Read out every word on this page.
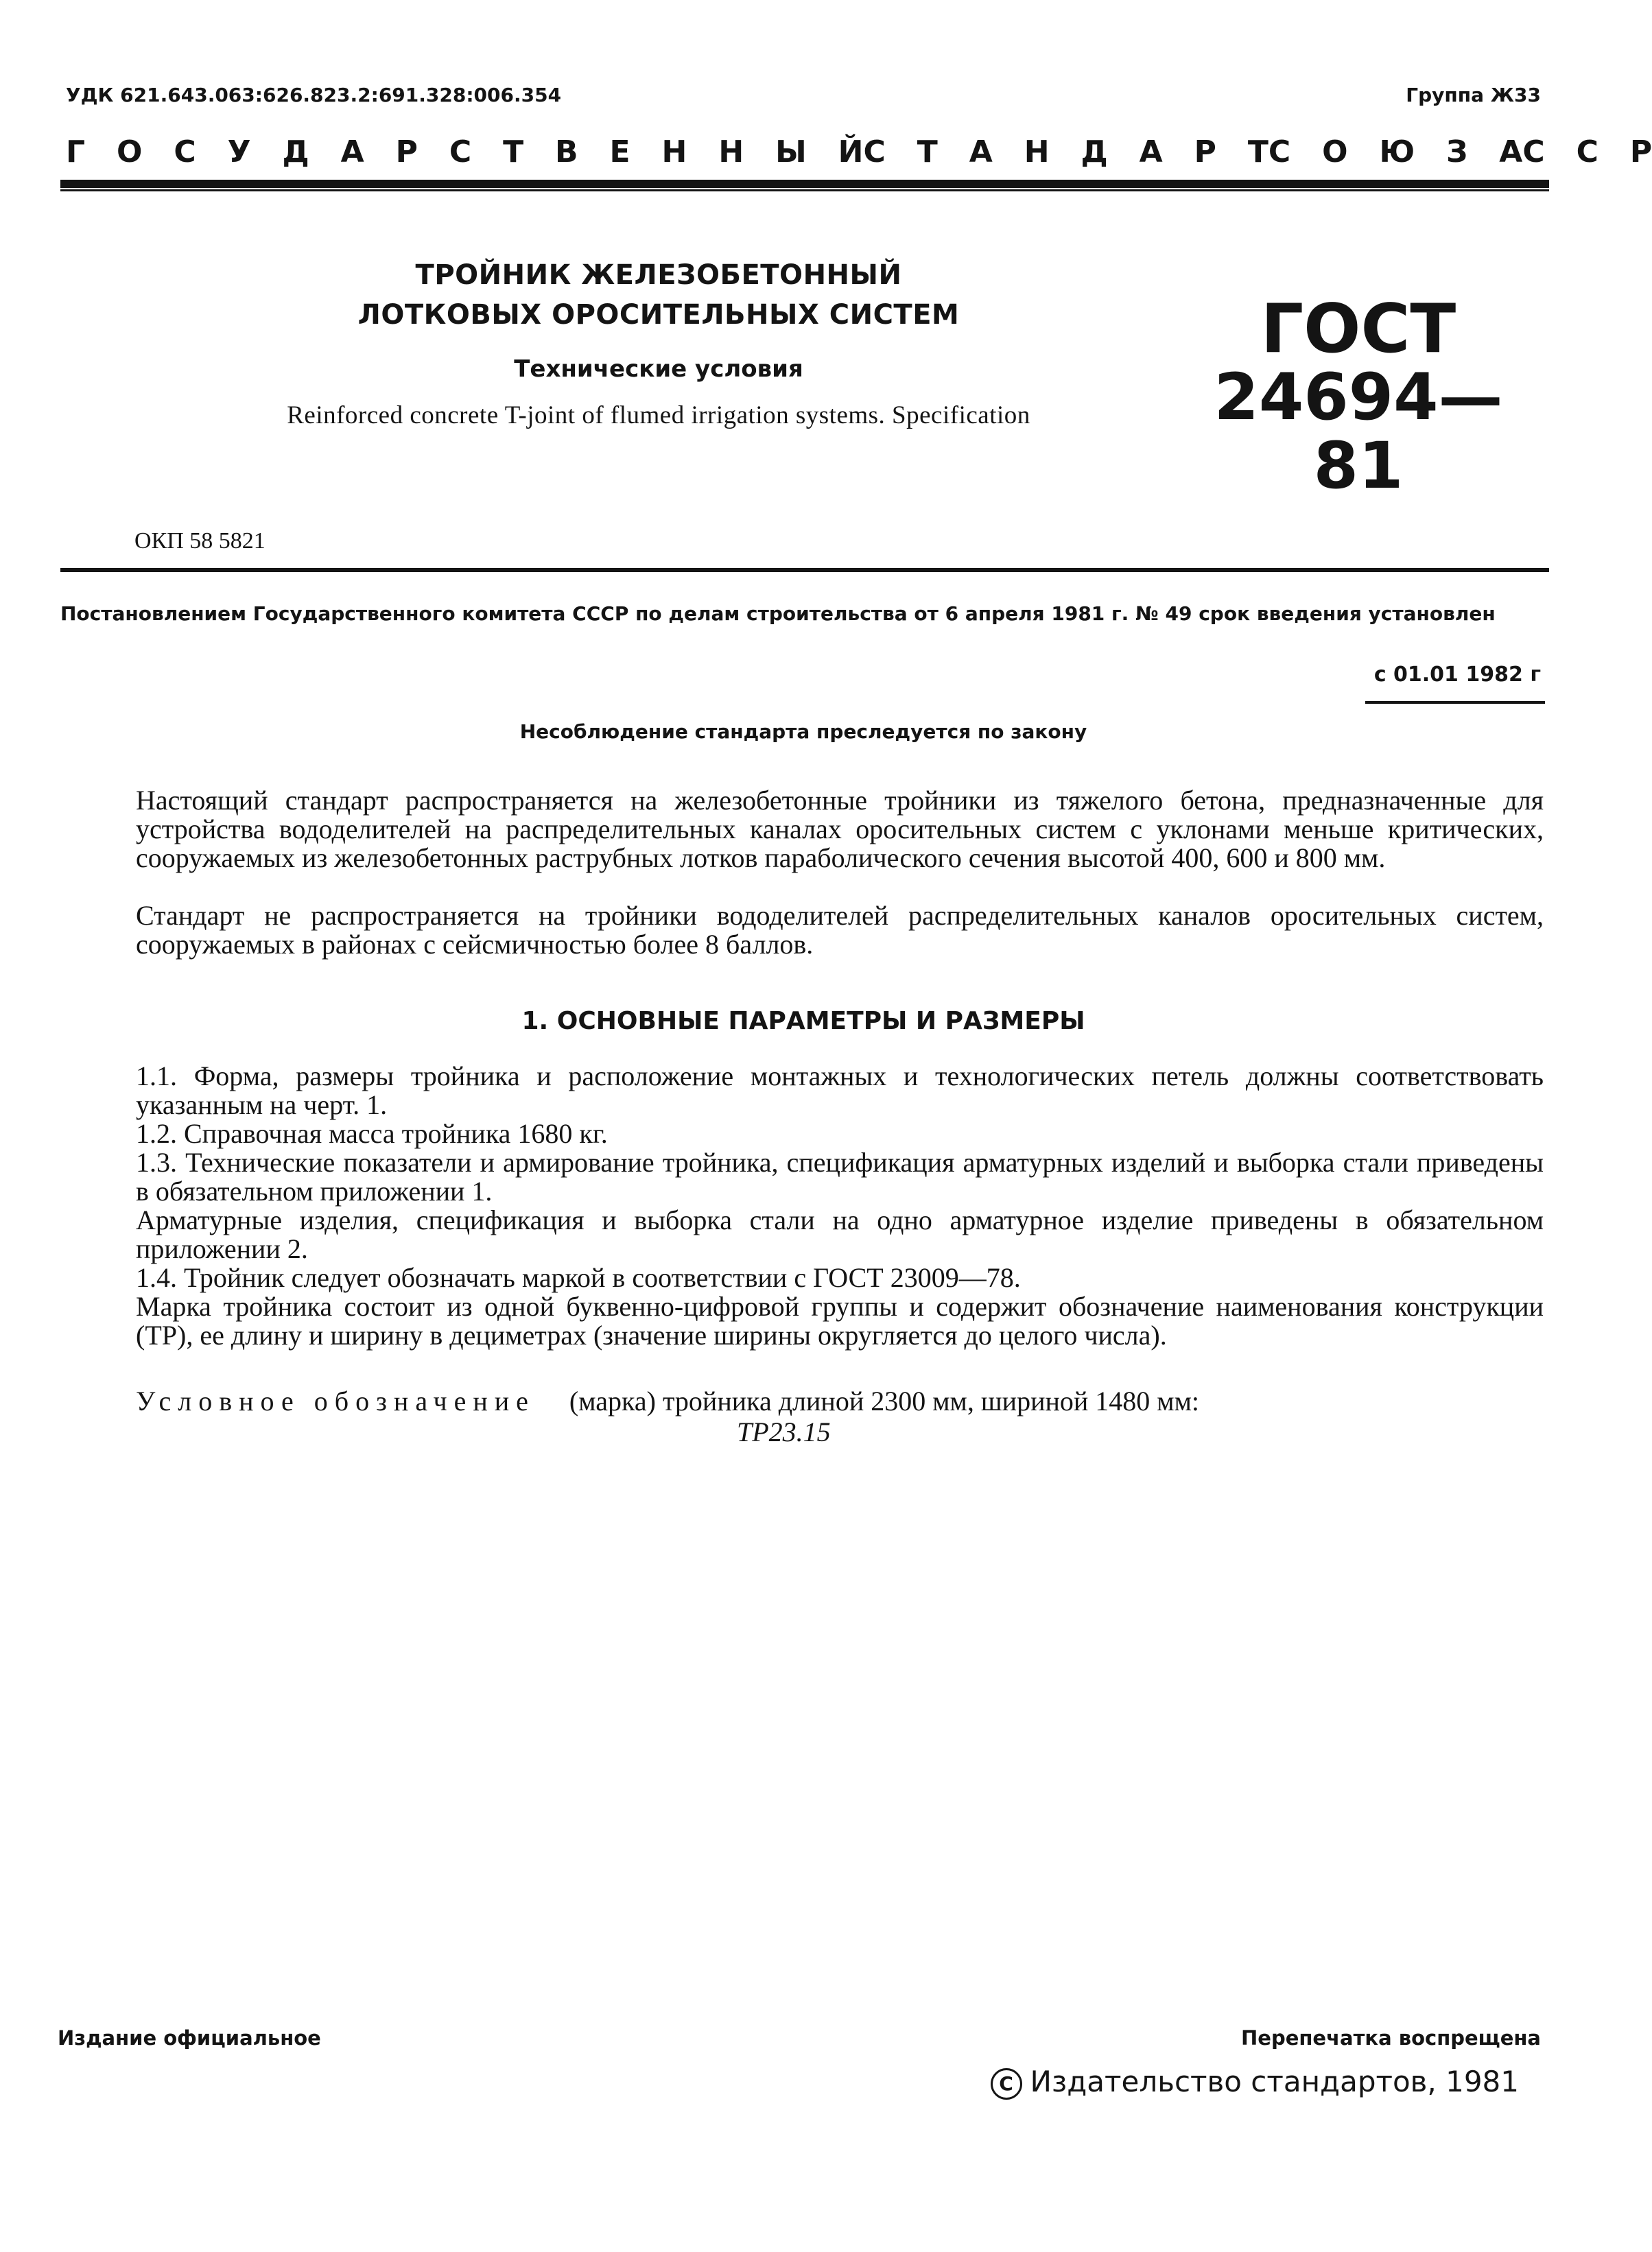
УДК 621.643.063:626.823.2:691.328:006.354	Группа Ж33
Г   О   С   У   Д   А   Р   С   Т   В   Е   Н   Н   Ы   Й С   Т   А   Н   Д   А   Р   Т С   О   Ю   З   А С   С   Р
ТРОЙНИК ЖЕЛЕЗОБЕТОННЫЙ
ЛОТКОВЫХ ОРОСИТЕЛЬНЫХ СИСТЕМ
Технические условия
Reinforced concrete T-joint of flumed irrigation systems. Specification
ГОСТ
24694—81
ОКП 58 5821
Постановлением Государственного комитета СССР по делам строительства от 6 апреля 1981 г. № 49 срок введения установлен
с 01.01 1982 г
Несоблюдение стандарта преследуется по закону
Настоящий стандарт распространяется на железобетонные тройники из тяжелого бетона, предназначенные для устройства вододелителей на распределительных каналах оросительных систем с уклонами меньше критических, сооружаемых из железобетонных раструбных лотков параболического сечения высотой 400, 600 и 800 мм.
Стандарт не распространяется на тройники вододелителей распределительных каналов оросительных систем, сооружаемых в районах с сейсмичностью более 8 баллов.
1. ОСНОВНЫЕ ПАРАМЕТРЫ И РАЗМЕРЫ
1.1. Форма, размеры тройника и расположение монтажных и технологических петель должны соответствовать указанным на черт. 1.
1.2. Справочная масса тройника 1680 кг.
1.3. Технические показатели и армирование тройника, спецификация арматурных изделий и выборка стали приведены в обязательном приложении 1.
Арматурные изделия, спецификация и выборка стали на одно арматурное изделие приведены в обязательном приложении 2.
1.4. Тройник следует обозначать маркой в соответствии с ГОСТ 23009—78.
Марка тройника состоит из одной буквенно-цифровой группы и содержит обозначение наименования конструкции (ТР), ее длину и ширину в дециметрах (значение ширины округляется до целого числа).
Условное обозначение (марка) тройника длиной 2300 мм, шириной 1480 мм:
ТР23.15
Издание официальное	Перепечатка воспрещена
C Издательство стандартов, 1981
